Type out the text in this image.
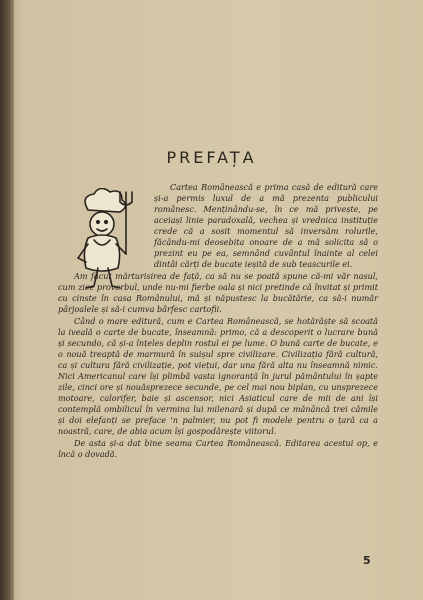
PREFAȚA

Cartea Românească e prima casă de editură care și-a permis luxul de a mă prezenta publicului românesc. Menținându-se, în ce mă privește, pe aceiași linie paradoxală, vechea și vrednica instituție crede că a sosit momentul să inversăm rolurile, făcându-mi deosebita onoare de a mă solicita să o prezint eu pe ea, semnând cuvântul înainte al celei dintâi cărți de bucate ieșită de sub teascurile ei.

Am făcut mărturisirea de față, ca să nu se poată spune că-mi văr nasul, cum zice proverbul, unde nu-mi fierbe oala și nici pretinde că învitat și primit cu cinste în casa Românului, mă și năpustesc la bucătărie, ca să-i număr pârjoalele și să-i cumva bârfesc cartofii.

Când o mare editură, cum e Cartea Românească, se hotărăște să scoată la iveală o carte de bucate, înseamnă: primo, că a descoperit o lucrare bună și secundo, că și-a înțeles deplin rostul ei pe lume. O bună carte de bucate, e o nouă treaptă de marmură în suișul spre civilizare. Civilizația fără cultură, ca și cultura fără civilizație, pot viețui, dar una fără alta nu înseamnă nimic. Nici Americanul care își plimbă vasta ignoranță în jurul pământului în șapte zile, cinci ore și nouăsprezece secunde, pe cel mai nou biplan, cu unsprezece motoare, calorifer, baie și ascensor, nici Asiaticul care de mii de ani își contemplă ombilicul în vermina lui milenară și după ce mănâncă trei cămile și doi elefanți se preface 'n palmier, nu pot fi modele pentru o țară ca a noastră, care, de abia acum își gospodărește viitorul.

De asta și-a dat bine seama Cartea Românească. Editarea acestui op, e încă o dovadă.

5
